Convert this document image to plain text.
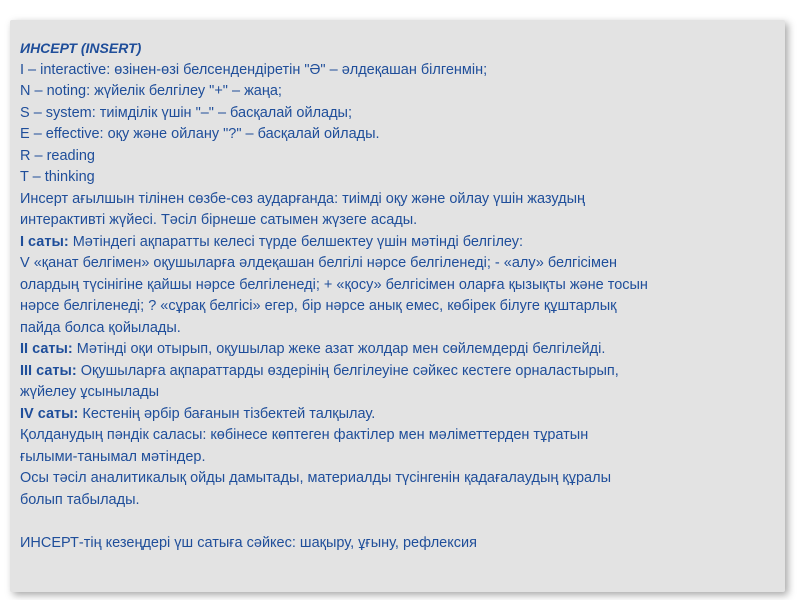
ИНСЕРТ (INSERT)

I – interactive: өзінен-өзі белсендендіретін "Ә" – әлдеқашан білгенмін;

N – noting: жүйелік белгілеу "+" – жаңа;

S – system: тиімділік үшін "–" – басқалай ойлады;

E – effective: оқу және ойлану "?" – басқалай ойлады.

R – reading

T – thinking

Инсерт ағылшын тілінен сөзбе-сөз аударғанда: тиімді оқу және ойлау үшін жазудың

интерактивті жүйесі. Тәсіл бірнеше сатымен жүзеге асады.

I саты: Мәтіндегі ақпаратты келесі түрде белшектеу үшін мәтінді белгілеу:

V «қанат белгімен» оқушыларға әлдеқашан белгілі нәрсе белгіленеді; - «алу» белгісімен

олардың түсінігіне қайшы нәрсе белгіленеді; + «қосу» белгісімен оларға қызықты және тосын

нәрсе белгіленеді; ? «сұрақ белгісі» егер, бір нәрсе анық емес, көбірек білуге құштарлық

пайда болса қойылады.

II саты: Мәтінді оқи отырып, оқушылар жеке азат жолдар мен сөйлемдерді белгілейді.

III саты: Оқушыларға ақпараттарды өздерінің белгілеуіне сәйкес кестеге орналастырып,

жүйелеу ұсынылады

IV саты: Кестенің әрбір бағанын тізбектей талқылау.

Қолданудың пәндік саласы: көбінесе көптеген фактілер мен мәліметтерден тұратын

ғылыми-танымал мәтіндер.

Осы тәсіл аналитикалық ойды дамытады, материалды түсінгенін қадағалаудың құралы

болып табылады.

ИНСЕРТ-тің кезеңдері үш сатыға сәйкес: шақыру, ұғыну, рефлексия
